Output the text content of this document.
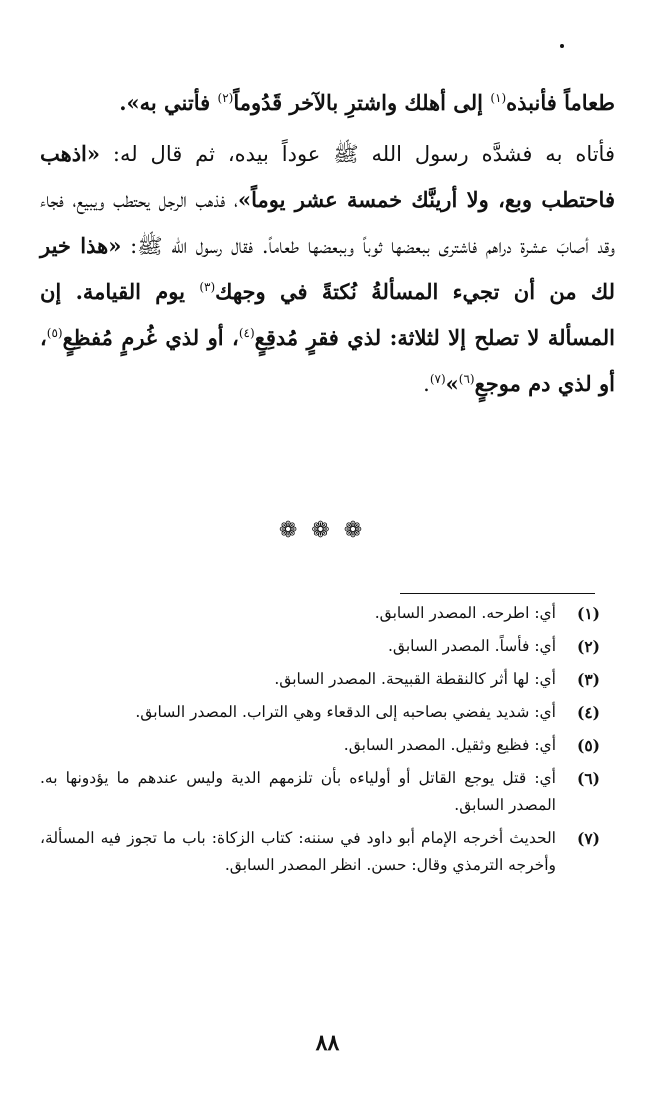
طعاماً فأنبذه$^{(١)}$ إلى أهلك واشترِ بالآخر قَدُوماً$^{(٢)}$ فأتني به».

فأتاه به فشدَّه رسول الله ﷺ عوداً بيده، ثم قال له: «اذهب فاحتطب وبع، ولا أرينَّك خمسة عشر يوماً»، فذهب الرجل يحتطب ويبيع، فجاء وقد أصابَ عشرة دراهم فاشترى ببعضها ثوباً وببعضها طعاماً. فقال رسول الله ﷺ: «هذا خير لك من أن تجيء المسألةُ نُكتةً في وجهك$^{(٣)}$ يوم القيامة. إن المسألة لا تصلح إلا لثلاثة: لذي فقرٍ مُدقِعٍ$^{(٤)}$، أو لذي غُرمٍ مُفظِعٍ$^{(٥)}$، أو لذي دم موجعٍ$^{(٦)}$»$^{(٧)}$.

❁❁❁
(١)
أي: اطرحه. المصدر السابق.
(٢)
أي: فأساً. المصدر السابق.
(٣)
أي: لها أثر كالنقطة القبيحة. المصدر السابق.
(٤)
أي: شديد يفضي بصاحبه إلى الدقعاء وهي التراب. المصدر السابق.
(٥)
أي: فظيع وثقيل. المصدر السابق.
(٦)
أي: قتل يوجع القاتل أو أولياءه بأن تلزمهم الدية وليس عندهم ما يؤدونها به. المصدر السابق.
(٧)
الحديث أخرجه الإمام أبو داود في سننه: كتاب الزكاة: باب ما تجوز فيه المسألة، وأخرجه الترمذي وقال: حسن. انظر المصدر السابق.
٨٨
